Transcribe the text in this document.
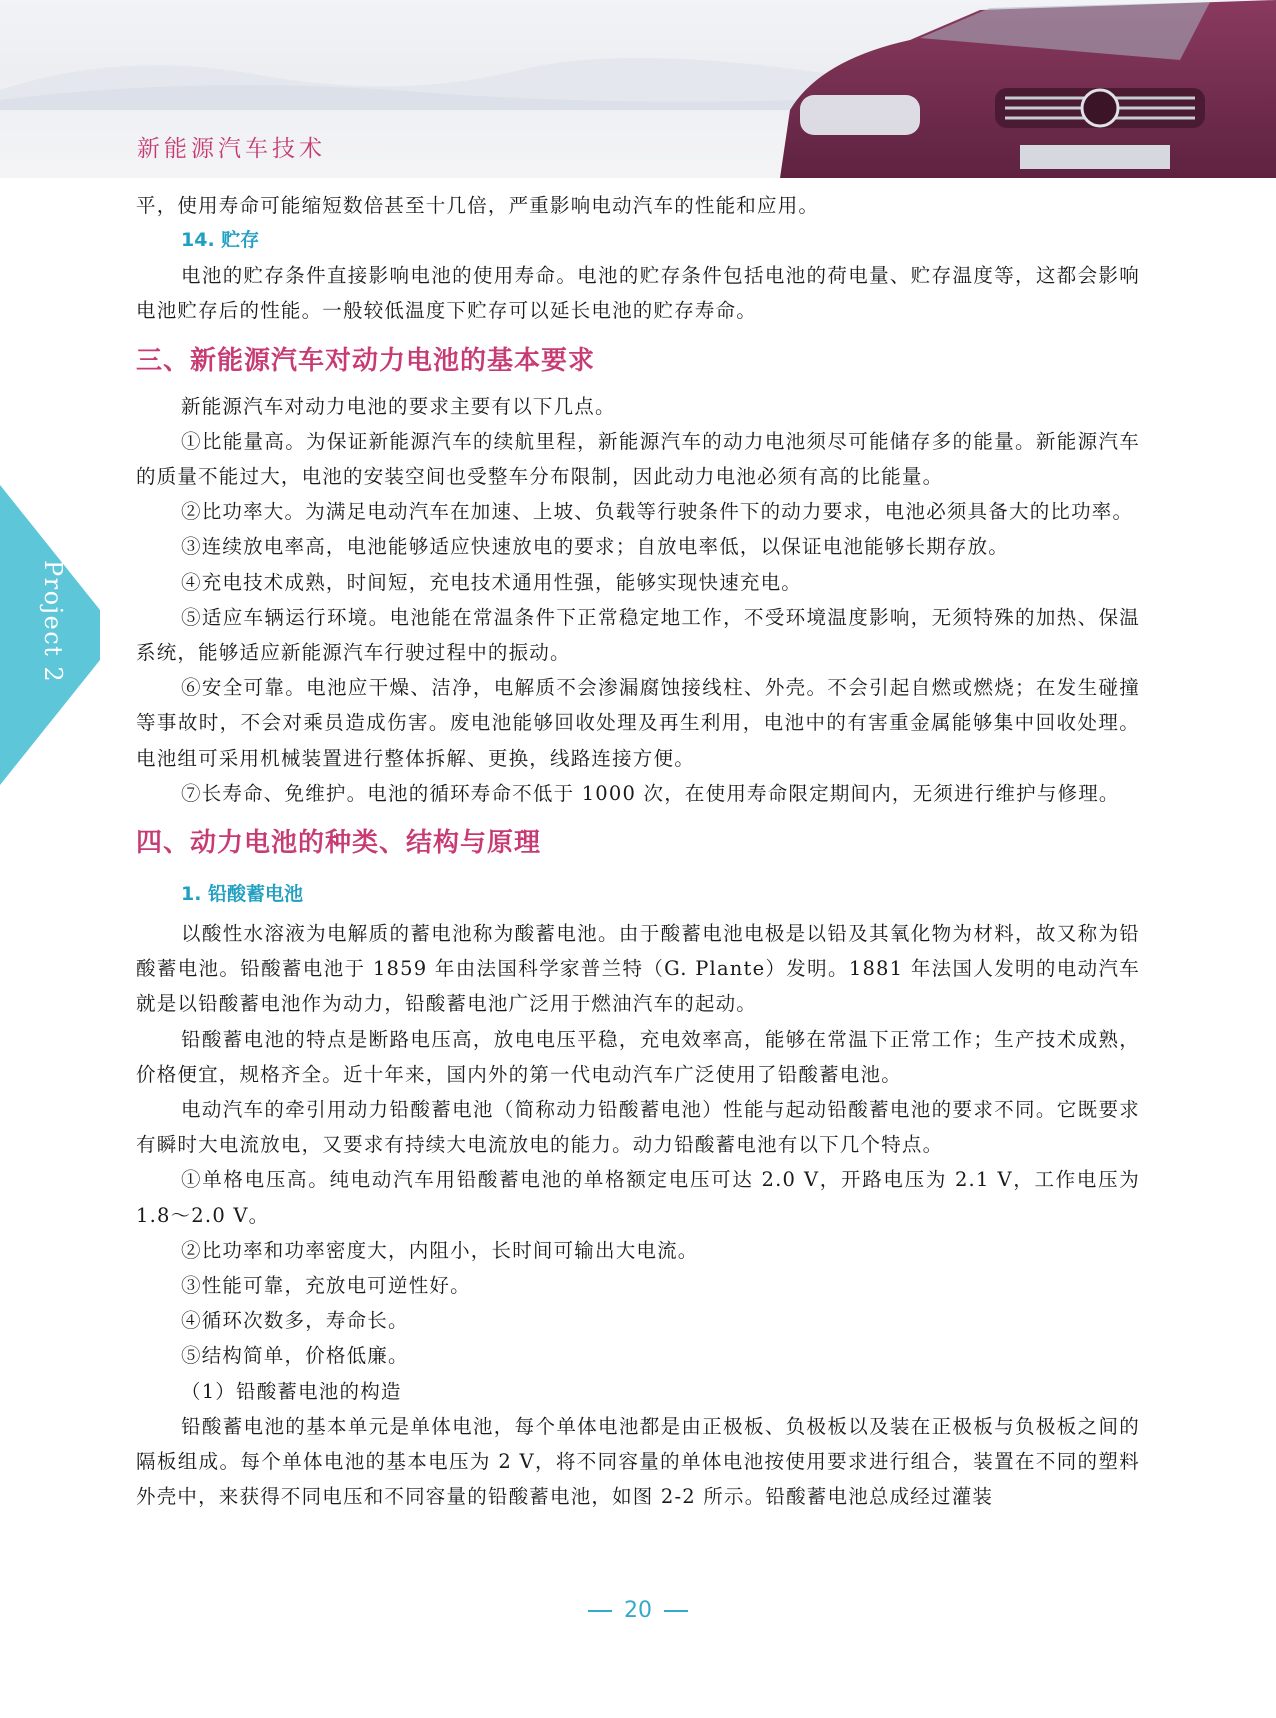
新能源汽车技术
Project 2

平，使用寿命可能缩短数倍甚至十几倍，严重影响电动汽车的性能和应用。

14. 贮存

电池的贮存条件直接影响电池的使用寿命。电池的贮存条件包括电池的荷电量、贮存温度等，这都会影响电池贮存后的性能。一般较低温度下贮存可以延长电池的贮存寿命。

三、新能源汽车对动力电池的基本要求

新能源汽车对动力电池的要求主要有以下几点。

①比能量高。为保证新能源汽车的续航里程，新能源汽车的动力电池须尽可能储存多的能量。新能源汽车的质量不能过大，电池的安装空间也受整车分布限制，因此动力电池必须有高的比能量。

②比功率大。为满足电动汽车在加速、上坡、负载等行驶条件下的动力要求，电池必须具备大的比功率。

③连续放电率高，电池能够适应快速放电的要求；自放电率低，以保证电池能够长期存放。

④充电技术成熟，时间短，充电技术通用性强，能够实现快速充电。

⑤适应车辆运行环境。电池能在常温条件下正常稳定地工作，不受环境温度影响，无须特殊的加热、保温系统，能够适应新能源汽车行驶过程中的振动。

⑥安全可靠。电池应干燥、洁净，电解质不会渗漏腐蚀接线柱、外壳。不会引起自燃或燃烧；在发生碰撞等事故时，不会对乘员造成伤害。废电池能够回收处理及再生利用，电池中的有害重金属能够集中回收处理。电池组可采用机械装置进行整体拆解、更换，线路连接方便。

⑦长寿命、免维护。电池的循环寿命不低于 1000 次，在使用寿命限定期间内，无须进行维护与修理。

四、动力电池的种类、结构与原理

1. 铅酸蓄电池

以酸性水溶液为电解质的蓄电池称为酸蓄电池。由于酸蓄电池电极是以铅及其氧化物为材料，故又称为铅酸蓄电池。铅酸蓄电池于 1859 年由法国科学家普兰特（G. Plante）发明。1881 年法国人发明的电动汽车就是以铅酸蓄电池作为动力，铅酸蓄电池广泛用于燃油汽车的起动。

铅酸蓄电池的特点是断路电压高，放电电压平稳，充电效率高，能够在常温下正常工作；生产技术成熟，价格便宜，规格齐全。近十年来，国内外的第一代电动汽车广泛使用了铅酸蓄电池。

电动汽车的牵引用动力铅酸蓄电池（简称动力铅酸蓄电池）性能与起动铅酸蓄电池的要求不同。它既要求有瞬时大电流放电，又要求有持续大电流放电的能力。动力铅酸蓄电池有以下几个特点。

①单格电压高。纯电动汽车用铅酸蓄电池的单格额定电压可达 2.0 V，开路电压为 2.1 V，工作电压为 1.8～2.0 V。

②比功率和功率密度大，内阻小，长时间可输出大电流。

③性能可靠，充放电可逆性好。

④循环次数多，寿命长。

⑤结构简单，价格低廉。

（1）铅酸蓄电池的构造

铅酸蓄电池的基本单元是单体电池，每个单体电池都是由正极板、负极板以及装在正极板与负极板之间的隔板组成。每个单体电池的基本电压为 2 V，将不同容量的单体电池按使用要求进行组合，装置在不同的塑料外壳中，来获得不同电压和不同容量的铅酸蓄电池，如图 2-2 所示。铅酸蓄电池总成经过灌装

20
